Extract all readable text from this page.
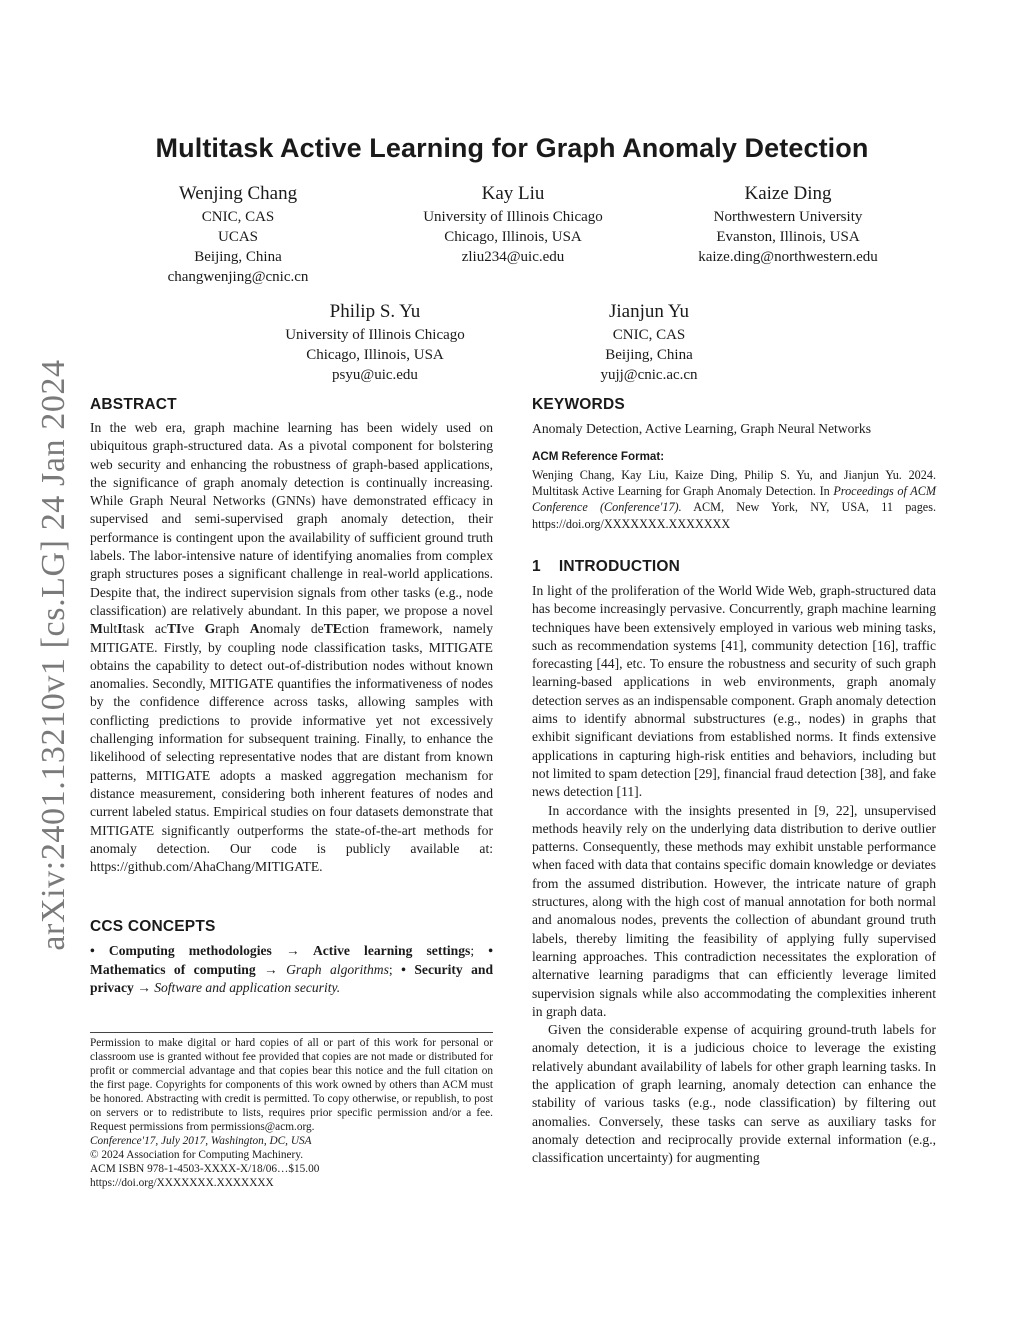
Multitask Active Learning for Graph Anomaly Detection
Wenjing Chang
CNIC, CAS
UCAS
Beijing, China
changwenjing@cnic.cn
Kay Liu
University of Illinois Chicago
Chicago, Illinois, USA
zliu234@uic.edu
Kaize Ding
Northwestern University
Evanston, Illinois, USA
kaize.ding@northwestern.edu
Philip S. Yu
University of Illinois Chicago
Chicago, Illinois, USA
psyu@uic.edu
Jianjun Yu
CNIC, CAS
Beijing, China
yujj@cnic.ac.cn
arXiv:2401.13210v1 [cs.LG] 24 Jan 2024 ABSTRACT

In the web era, graph machine learning has been widely used on ubiquitous graph-structured data. As a pivotal component for bolstering web security and enhancing the robustness of graph-based applications, the significance of graph anomaly detection is continually increasing. While Graph Neural Networks (GNNs) have demonstrated efficacy in supervised and semi-supervised graph anomaly detection, their performance is contingent upon the availability of sufficient ground truth labels. The labor-intensive nature of identifying anomalies from complex graph structures poses a significant challenge in real-world applications. Despite that, the indirect supervision signals from other tasks (e.g., node classification) are relatively abundant. In this paper, we propose a novel MultItask acTIve Graph Anomaly deTEction framework, namely MITIGATE. Firstly, by coupling node classification tasks, MITIGATE obtains the capability to detect out-of-distribution nodes without known anomalies. Secondly, MITIGATE quantifies the informativeness of nodes by the confidence difference across tasks, allowing samples with conflicting predictions to provide informative yet not excessively challenging information for subsequent training. Finally, to enhance the likelihood of selecting representative nodes that are distant from known patterns, MITIGATE adopts a masked aggregation mechanism for distance measurement, considering both inherent features of nodes and current labeled status. Empirical studies on four datasets demonstrate that MITIGATE significantly outperforms the state-of-the-art methods for anomaly detection. Our code is publicly available at: https://github.com/AhaChang/MITIGATE.

CCS CONCEPTS

• Computing methodologies → Active learning settings; • Mathematics of computing → Graph algorithms; • Security and privacy → Software and application security.

Permission to make digital or hard copies of all or part of this work for personal or classroom use is granted without fee provided that copies are not made or distributed for profit or commercial advantage and that copies bear this notice and the full citation on the first page. Copyrights for components of this work owned by others than ACM must be honored. Abstracting with credit is permitted. To copy otherwise, or republish, to post on servers or to redistribute to lists, requires prior specific permission and/or a fee. Request permissions from permissions@acm.org.

Conference'17, July 2017, Washington, DC, USA

© 2024 Association for Computing Machinery.

ACM ISBN 978-1-4503-XXXX-X/18/06…$15.00

https://doi.org/XXXXXXX.XXXXXXX

KEYWORDS
Anomaly Detection, Active Learning, Graph Neural Networks
ACM Reference Format:

Wenjing Chang, Kay Liu, Kaize Ding, Philip S. Yu, and Jianjun Yu. 2024. Multitask Active Learning for Graph Anomaly Detection. In Proceedings of ACM Conference (Conference'17). ACM, New York, NY, USA, 11 pages. https://doi.org/XXXXXXX.XXXXXXX

1    INTRODUCTION

In light of the proliferation of the World Wide Web, graph-structured data has become increasingly pervasive. Concurrently, graph machine learning techniques have been extensively employed in various web mining tasks, such as recommendation systems [41], community detection [16], traffic forecasting [44], etc. To ensure the robustness and security of such graph learning-based applications in web environments, graph anomaly detection serves as an indispensable component. Graph anomaly detection aims to identify abnormal substructures (e.g., nodes) in graphs that exhibit significant deviations from established norms. It finds extensive applications in capturing high-risk entities and behaviors, including but not limited to spam detection [29], financial fraud detection [38], and fake news detection [11].

In accordance with the insights presented in [9, 22], unsupervised methods heavily rely on the underlying data distribution to derive outlier patterns. Consequently, these methods may exhibit unstable performance when faced with data that contains specific domain knowledge or deviates from the assumed distribution. However, the intricate nature of graph structures, along with the high cost of manual annotation for both normal and anomalous nodes, prevents the collection of abundant ground truth labels, thereby limiting the feasibility of applying fully supervised learning approaches. This contradiction necessitates the exploration of alternative learning paradigms that can efficiently leverage limited supervision signals while also accommodating the complexities inherent in graph data.

Given the considerable expense of acquiring ground-truth labels for anomaly detection, it is a judicious choice to leverage the existing relatively abundant availability of labels for other graph learning tasks. In the application of graph learning, anomaly detection can enhance the stability of various tasks (e.g., node classification) by filtering out anomalies. Conversely, these tasks can serve as auxiliary tasks for anomaly detection and reciprocally provide external information (e.g., classification uncertainty) for augmenting
